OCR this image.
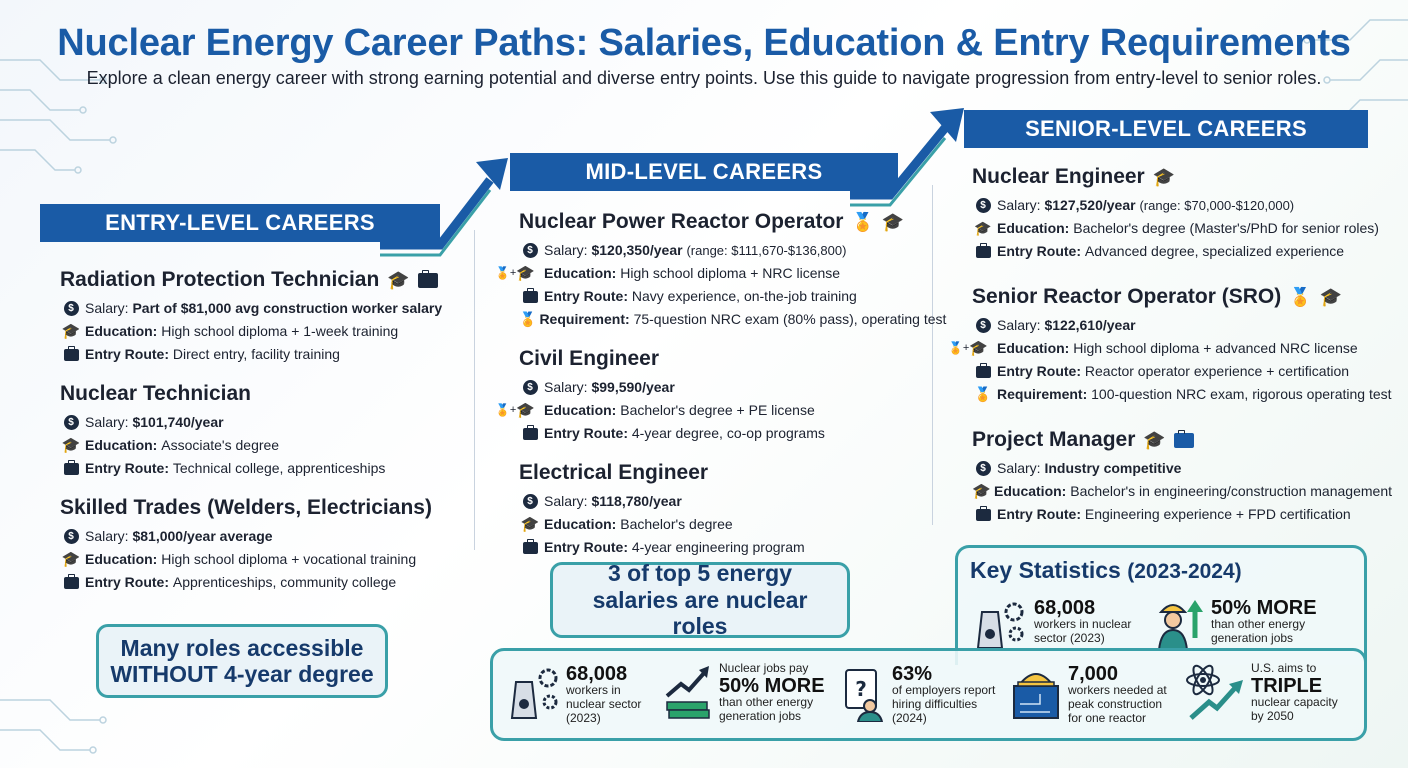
Nuclear Energy Career Paths: Salaries, Education & Entry Requirements
Explore a clean energy career with strong earning potential and diverse entry points. Use this guide to navigate progression from entry-level to senior roles.
ENTRY-LEVEL CAREERS
MID-LEVEL CAREERS
SENIOR-LEVEL CAREERS
Radiation Protection Technician 🎓
$ Salary:
Part of $81,000 avg construction worker salary
🎓 Education:
High school diploma + 1-week training
Entry Route:
Direct entry, facility training
Nuclear Technician
$ Salary:
$101,740/year
🎓 Education:
Associate's degree
Entry Route:
Technical college, apprenticeships
Skilled Trades (Welders, Electricians)
$ Salary:
$81,000/year average
🎓 Education:
High school diploma + vocational training
Entry Route:
Apprenticeships, community college
Many roles accessible WITHOUT 4-year degree
Nuclear Power Reactor Operator 🏅 🎓
$ Salary:
$120,350/year
(range: $111,670-$136,800)
🏅 + 🎓 Education:
High school diploma + NRC license
Entry Route:
Navy experience, on-the-job training
🏅 Requirement:
75-question NRC exam (80% pass), operating test
Civil Engineer
$ Salary:
$99,590/year
🏅 + 🎓 Education:
Bachelor's degree + PE license
Entry Route:
4-year degree, co-op programs
Electrical Engineer
$ Salary:
$118,780/year
🎓 Education:
Bachelor's degree
Entry Route:
4-year engineering program
3 of top 5 energy salaries are nuclear roles
Nuclear Engineer 🎓
$ Salary:
$127,520/year
(range: $70,000-$120,000)
🎓 Education:
Bachelor's degree (Master's/PhD for senior roles)
Entry Route:
Advanced degree, specialized experience
Senior Reactor Operator (SRO) 🏅 🎓
$ Salary:
$122,610/year
🏅 + 🎓 Education:
High school diploma + advanced NRC license
Entry Route:
Reactor operator experience + certification
🏅 Requirement:
100-question NRC exam, rigorous operating test
Project Manager 🎓
$ Salary:
Industry competitive
🎓 Education:
Bachelor's in engineering/construction management
Entry Route:
Engineering experience + FPD certification
Key Statistics (2023-2024)
68,008
workers in nuclear sector (2023)
50% MORE
than other energy generation jobs
68,008
workers in nuclear sector (2023)
Nuclear jobs pay
50% MORE
than other energy generation jobs
?
63%
of employers report hiring difficulties (2024)
7,000
workers needed at peak construction for one reactor
U.S. aims to
TRIPLE
nuclear capacity by 2050
